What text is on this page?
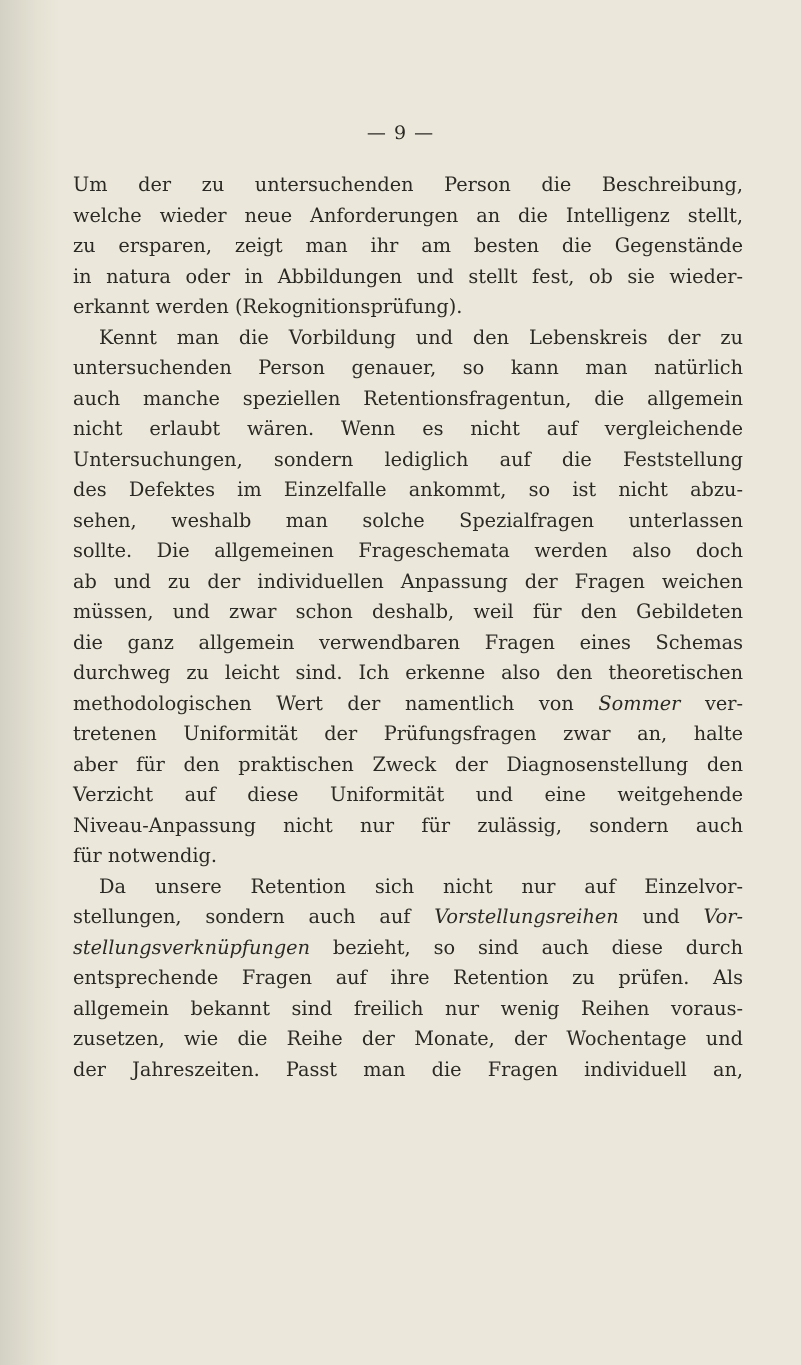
— 9 —
Um der zu untersuchenden Person die Beschreibung,
welche wieder neue Anforderungen an die Intelligenz stellt,
zu ersparen, zeigt man ihr am besten die Gegenstände
in natura oder in Abbildungen und stellt fest, ob sie wieder-
erkannt werden (Rekognitionsprüfung).
Kennt man die Vorbildung und den Lebenskreis der zu
untersuchenden Person genauer, so kann man natürlich
auch manche speziellen Retentionsfragentun, die allgemein
nicht erlaubt wären. Wenn es nicht auf vergleichende
Untersuchungen, sondern lediglich auf die Feststellung
des Defektes im Einzelfalle ankommt, so ist nicht abzu-
sehen, weshalb man solche Spezialfragen unterlassen
sollte. Die allgemeinen Frageschemata werden also doch
ab und zu der individuellen Anpassung der Fragen weichen
müssen, und zwar schon deshalb, weil für den Gebildeten
die ganz allgemein verwendbaren Fragen eines Schemas
durchweg zu leicht sind. Ich erkenne also den theoretischen
methodologischen Wert der namentlich von Sommer ver-
tretenen Uniformität der Prüfungsfragen zwar an, halte
aber für den praktischen Zweck der Diagnosenstellung den
Verzicht auf diese Uniformität und eine weitgehende
Niveau-Anpassung nicht nur für zulässig, sondern auch
für notwendig.
Da unsere Retention sich nicht nur auf Einzelvor-
stellungen, sondern auch auf Vorstellungsreihen und Vor-
stellungsverknüpfungen bezieht, so sind auch diese durch
entsprechende Fragen auf ihre Retention zu prüfen. Als
allgemein bekannt sind freilich nur wenig Reihen voraus-
zusetzen, wie die Reihe der Monate, der Wochentage und
der Jahreszeiten. Passt man die Fragen individuell an,
